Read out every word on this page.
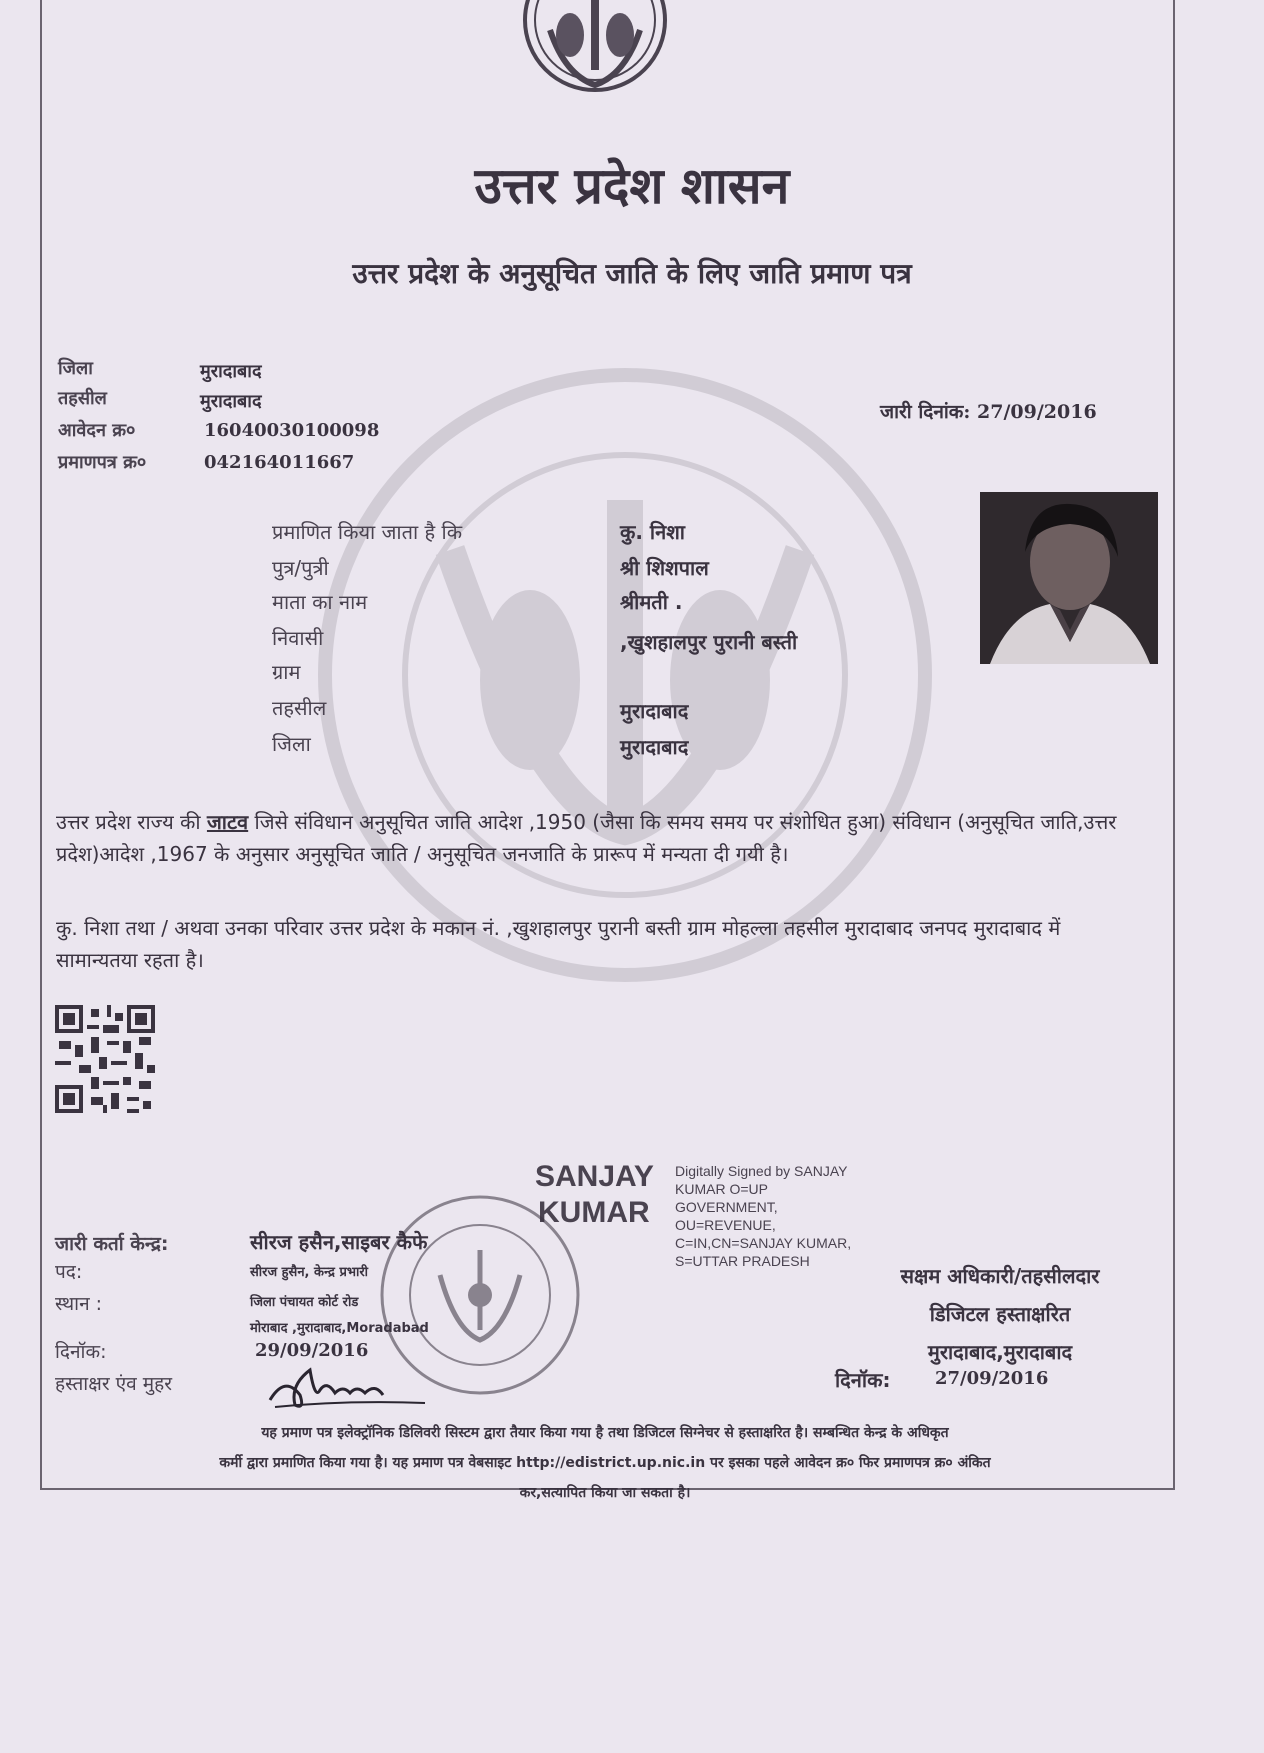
उत्तर प्रदेश शासन
उत्तर प्रदेश के अनुसूचित जाति के लिए जाति प्रमाण पत्र
जिला	मुरादाबाद
तहसील	मुरादाबाद
आवेदन क्र०	16040030100098
प्रमाणपत्र क्र०	042164011667
जारी दिनांक: 27/09/2016
प्रमाणित किया जाता है कि	कु. निशा
पुत्र/पुत्री	श्री शिशपाल
माता का नाम	श्रीमती .
निवासी	,खुशहालपुर पुरानी बस्ती
ग्राम
तहसील	मुरादाबाद
जिला	मुरादाबाद
उत्तर प्रदेश राज्य की जाटव जिसे संविधान अनुसूचित जाति आदेश ,1950 (जैसा कि समय समय पर संशोधित हुआ) संविधान (अनुसूचित जाति,उत्तर प्रदेश)आदेश ,1967 के अनुसार अनुसूचित जाति / अनुसूचित जनजाति के प्रारूप में मन्यता दी गयी है।
कु. निशा तथा / अथवा उनका परिवार उत्तर प्रदेश के मकान नं. ,खुशहालपुर पुरानी बस्ती ग्राम मोहल्ला तहसील मुरादाबाद जनपद मुरादाबाद में सामान्यतया रहता है।
SANJAY
KUMAR
Digitally Signed by SANJAY KUMAR O=UP GOVERNMENT, OU=REVENUE, C=IN,CN=SANJAY KUMAR, S=UTTAR PRADESH
जारी कर्ता केन्द्र:	सीरज हसैन,साइबर कैफे
पद:	सीरज हुसैन, केन्द्र प्रभारी
स्थान :	जिला पंचायत कोर्ट रोड
मोराबाद ,मुरादाबाद,Moradabad
दिनॉक:	29/09/2016
हस्ताक्षर एंव मुहर
सक्षम अधिकारी/तहसीलदार
डिजिटल हस्ताक्षरित
मुरादाबाद,मुरादाबाद
दिनॉक: 27/09/2016
यह प्रमाण पत्र इलेक्ट्रॉनिक डिलिवरी सिस्टम द्वारा तैयार किया गया है तथा डिजिटल सिग्नेचर से हस्ताक्षरित है। सम्बन्धित केन्द्र के अधिकृत
कर्मी द्वारा प्रमाणित किया गया है। यह प्रमाण पत्र वेबसाइट http://edistrict.up.nic.in पर इसका पहले आवेदन क्र० फिर प्रमाणपत्र क्र० अंकित
कर,सत्यापित किया जा सकता है।
